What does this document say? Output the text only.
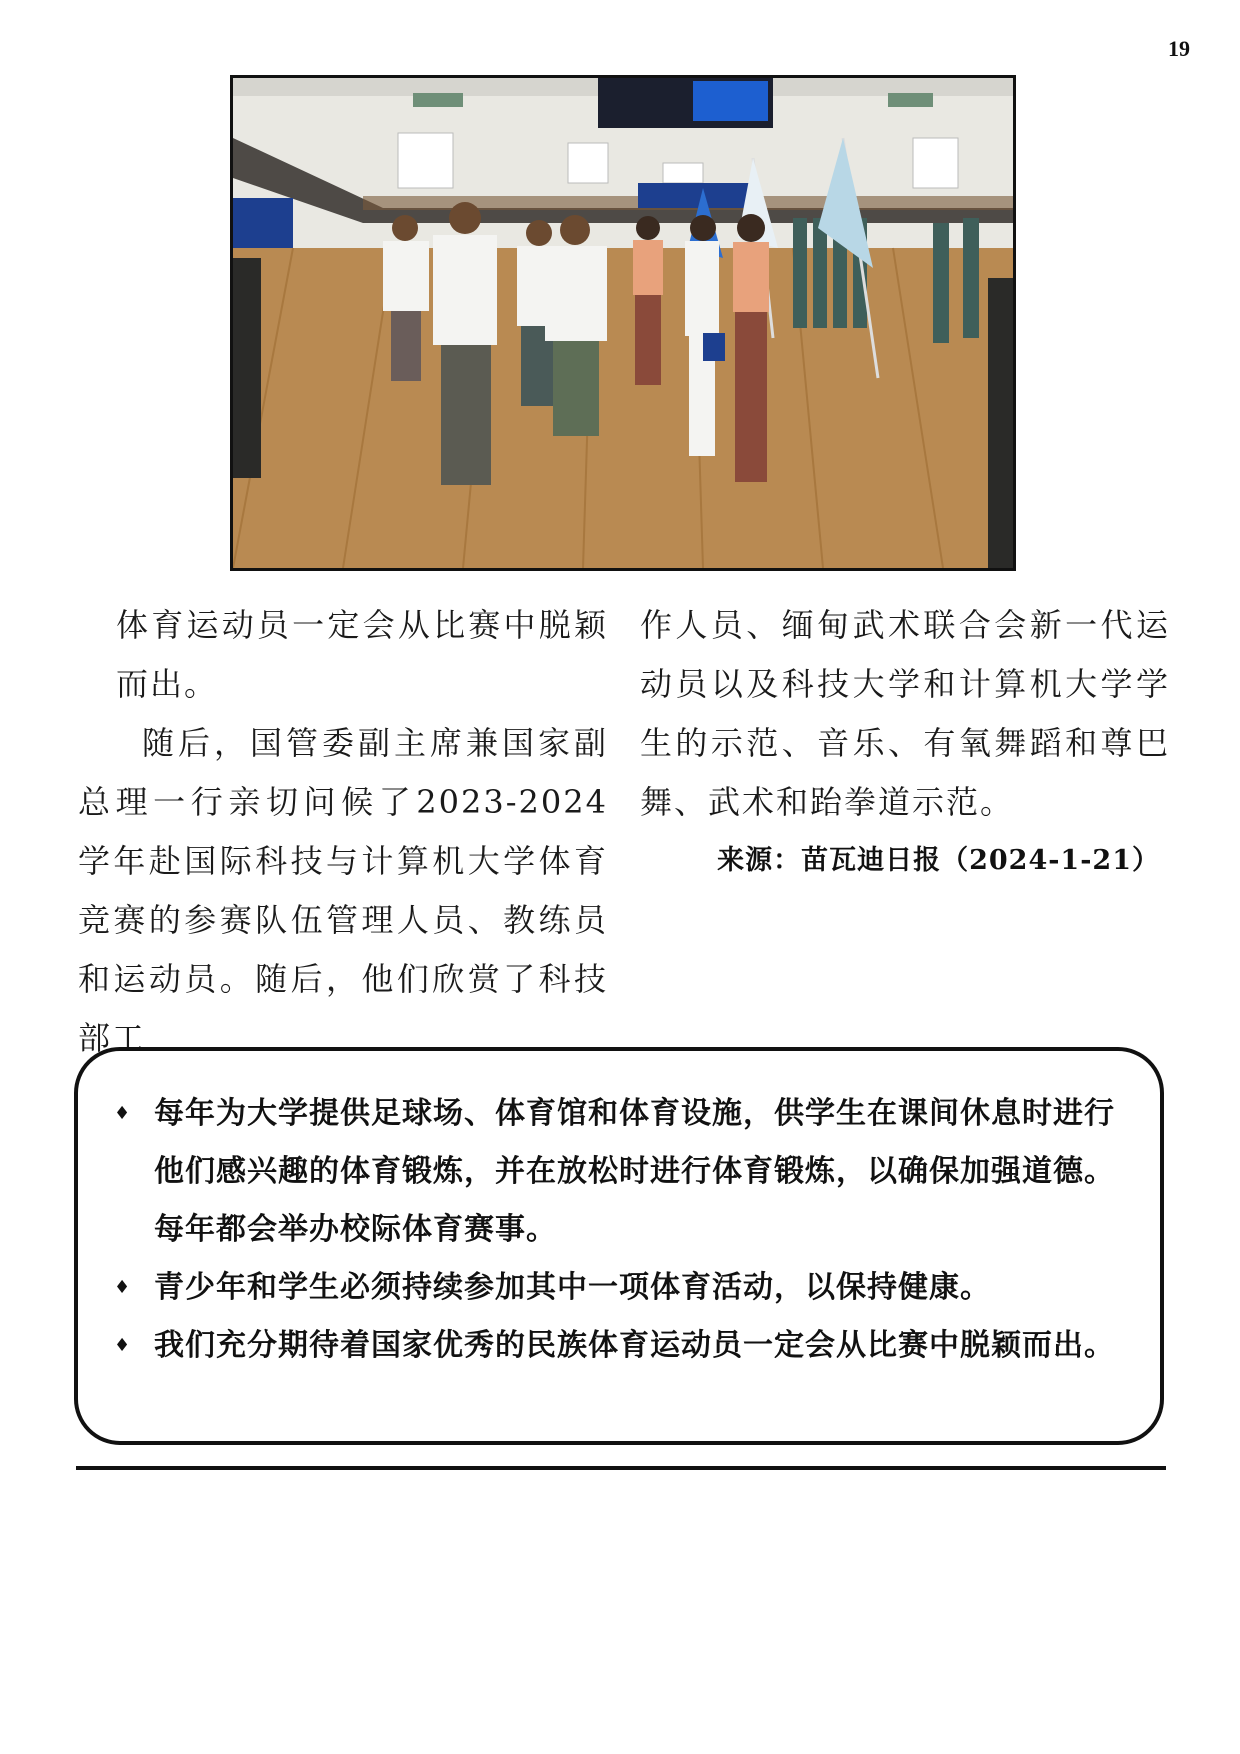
19

体育运动员一定会从比赛中脱颖而出。

随后，国管委副主席兼国家副总理一行亲切问候了2023-2024学年赴国际科技与计算机大学体育竞赛的参赛队伍管理人员、教练员和运动员。随后，他们欣赏了科技部工

作人员、缅甸武术联合会新一代运动员以及科技大学和计算机大学学生的示范、音乐、有氧舞蹈和尊巴舞、武术和跆拳道示范。

来源：苗瓦迪日报（2024-1-21）
♦ 每年为大学提供足球场、体育馆和体育设施，供学生在课间休息时进行他们感兴趣的体育锻炼，并在放松时进行体育锻炼，以确保加强道德。每年都会举办校际体育赛事。
♦ 青少年和学生必须持续参加其中一项体育活动，以保持健康。
♦ 我们充分期待着国家优秀的民族体育运动员一定会从比赛中脱颖而出。
